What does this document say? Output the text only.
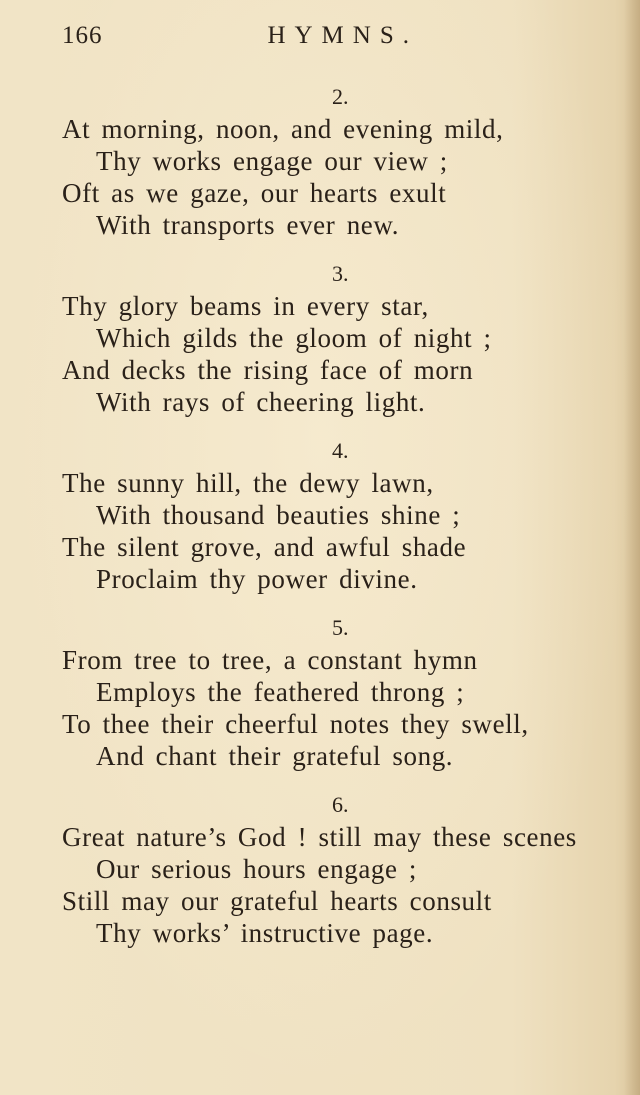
166	HYMNS.
2.
At morning, noon, and evening mild,
Thy works engage our view ;
Oft as we gaze, our hearts exult
With transports ever new.
3.
Thy glory beams in every star,
Which gilds the gloom of night ;
And decks the rising face of morn
With rays of cheering light.
4.
The sunny hill, the dewy lawn,
With thousand beauties shine ;
The silent grove, and awful shade
Proclaim thy power divine.
5.
From tree to tree, a constant hymn
Employs the feathered throng ;
To thee their cheerful notes they swell,
And chant their grateful song.
6.
Great nature’s God ! still may these scenes
Our serious hours engage ;
Still may our grateful hearts consult
Thy works’ instructive page.
